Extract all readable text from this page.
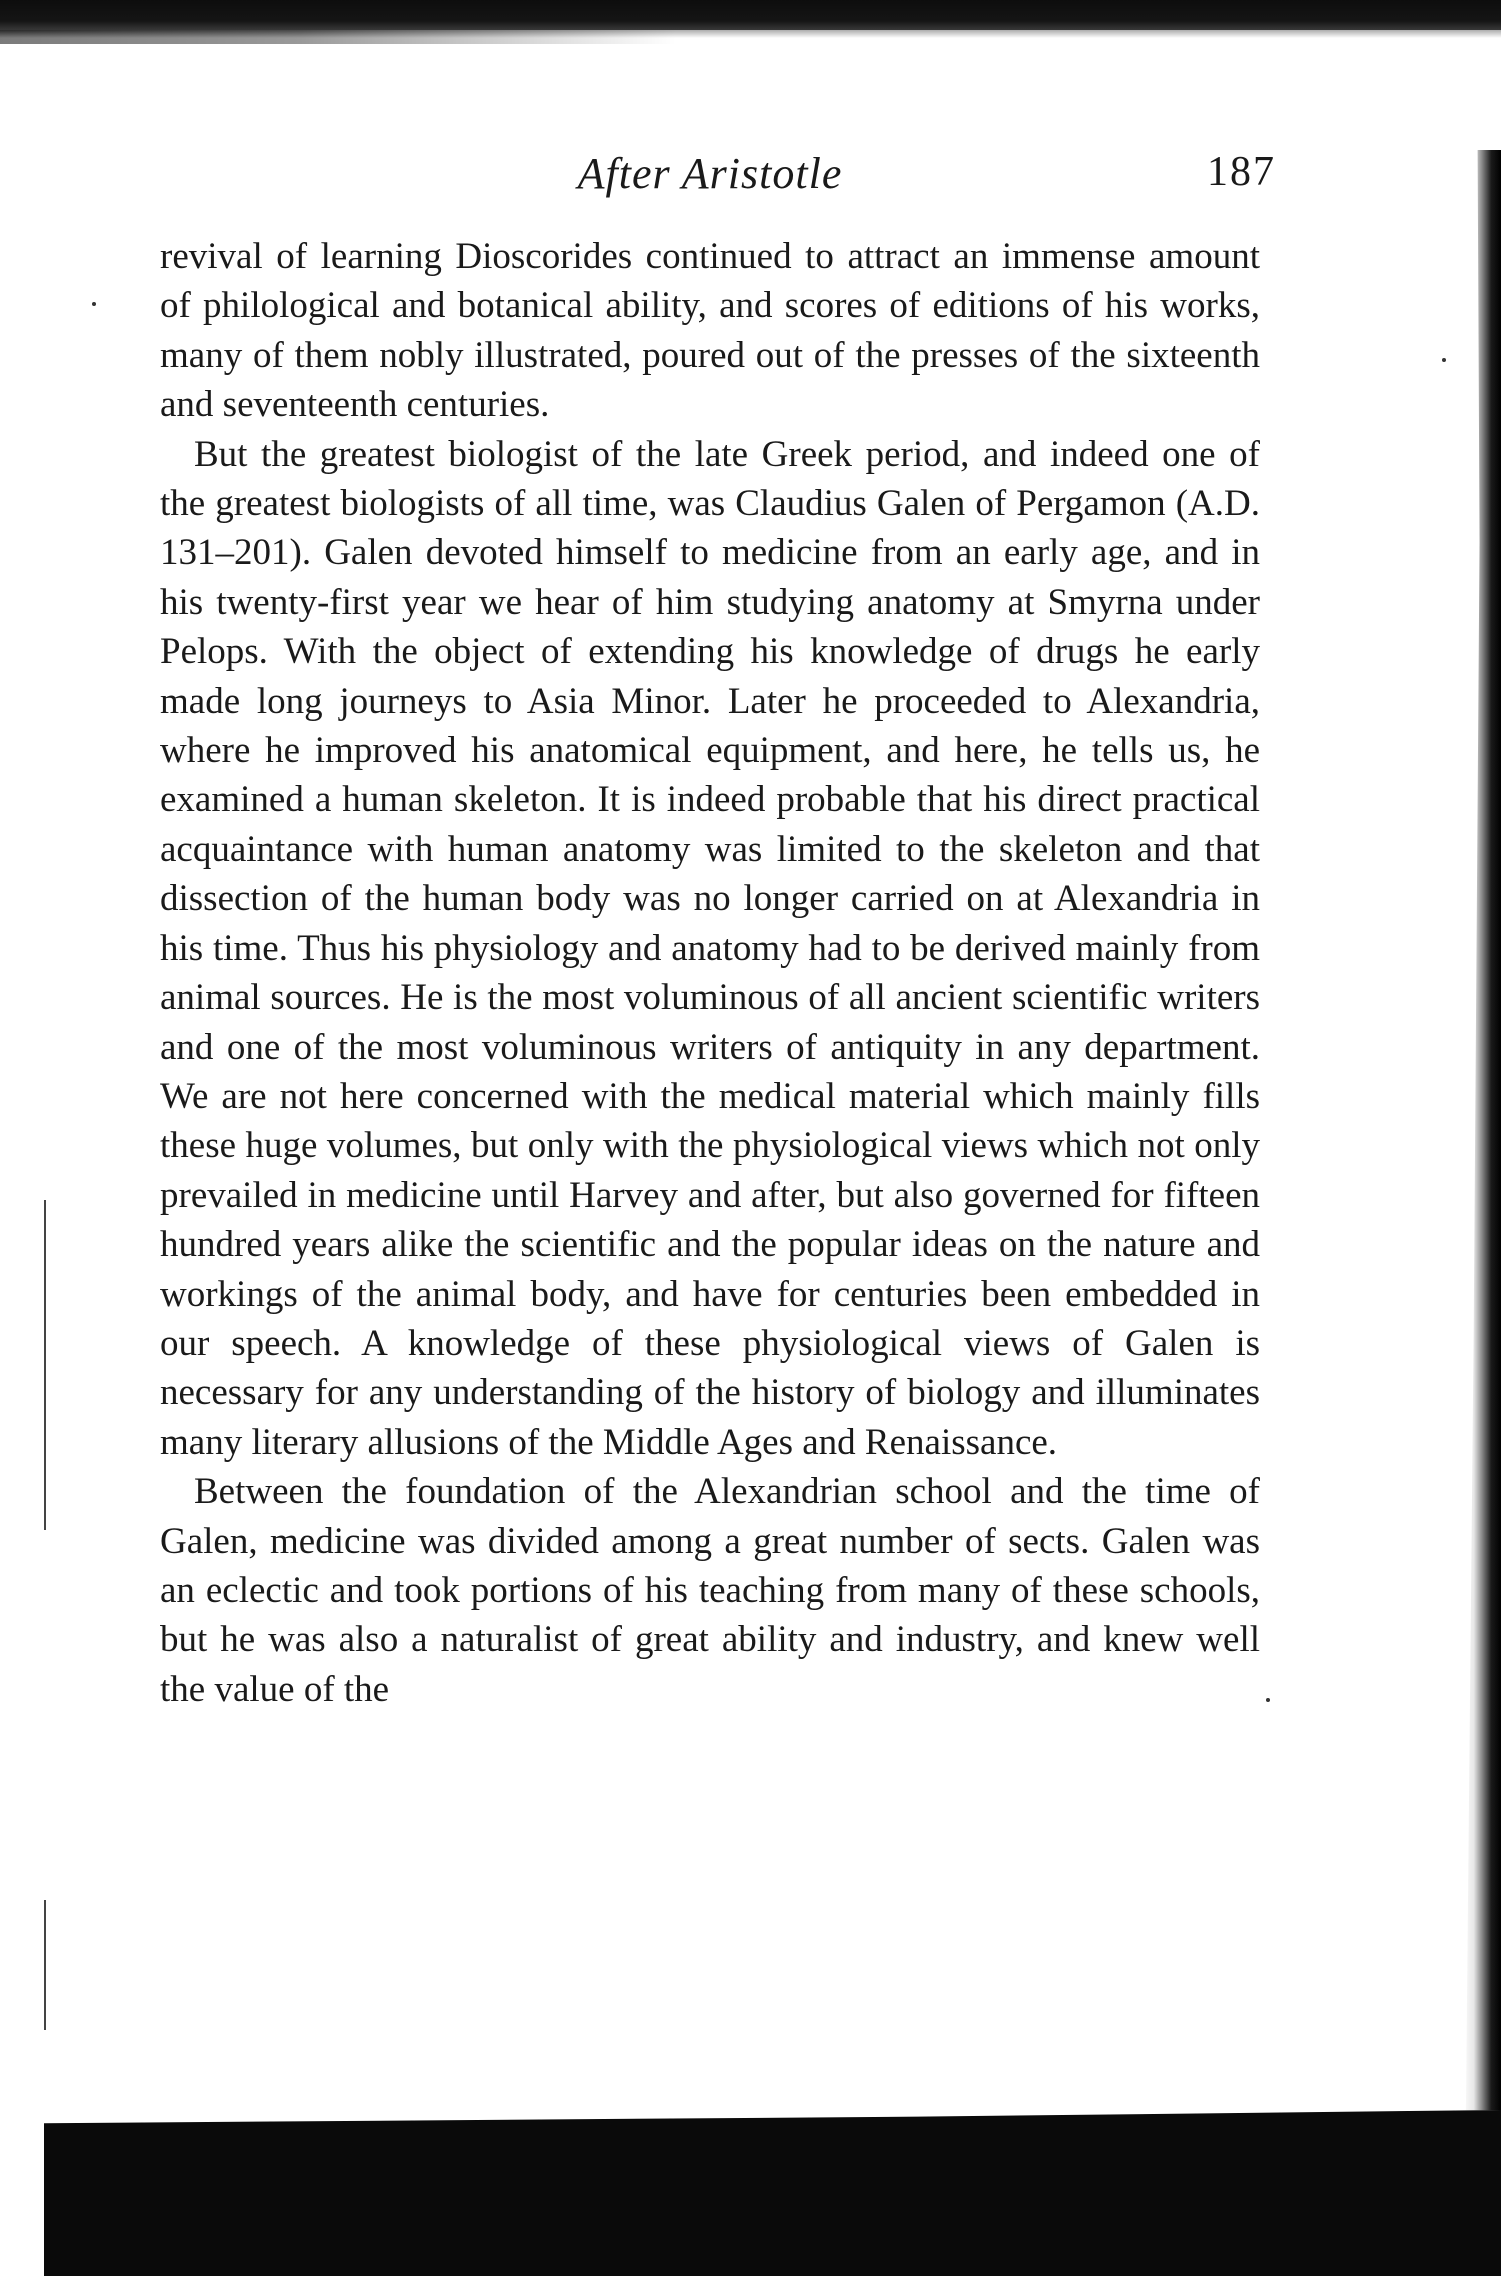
After Aristotle	187

revival of learning Dioscorides continued to attract an immense amount of philological and botanical ability, and scores of editions of his works, many of them nobly illustrated, poured out of the presses of the sixteenth and seventeenth centuries.

But the greatest biologist of the late Greek period, and indeed one of the greatest biologists of all time, was Claudius Galen of Pergamon (A.D. 131–201). Galen devoted himself to medicine from an early age, and in his twenty-first year we hear of him studying anatomy at Smyrna under Pelops. With the object of extending his knowledge of drugs he early made long journeys to Asia Minor. Later he proceeded to Alexandria, where he improved his anatomical equipment, and here, he tells us, he examined a human skeleton. It is indeed probable that his direct practical acquaintance with human anatomy was limited to the skeleton and that dissection of the human body was no longer carried on at Alexandria in his time. Thus his physiology and anatomy had to be derived mainly from animal sources. He is the most voluminous of all ancient scientific writers and one of the most voluminous writers of antiquity in any department. We are not here concerned with the medical material which mainly fills these huge volumes, but only with the physiological views which not only prevailed in medicine until Harvey and after, but also governed for fifteen hundred years alike the scientific and the popular ideas on the nature and workings of the animal body, and have for centuries been embedded in our speech. A knowledge of these physiological views of Galen is necessary for any understanding of the history of biology and illuminates many literary allusions of the Middle Ages and Renaissance.

Between the foundation of the Alexandrian school and the time of Galen, medicine was divided among a great number of sects. Galen was an eclectic and took portions of his teaching from many of these schools, but he was also a naturalist of great ability and industry, and knew well the value of the
